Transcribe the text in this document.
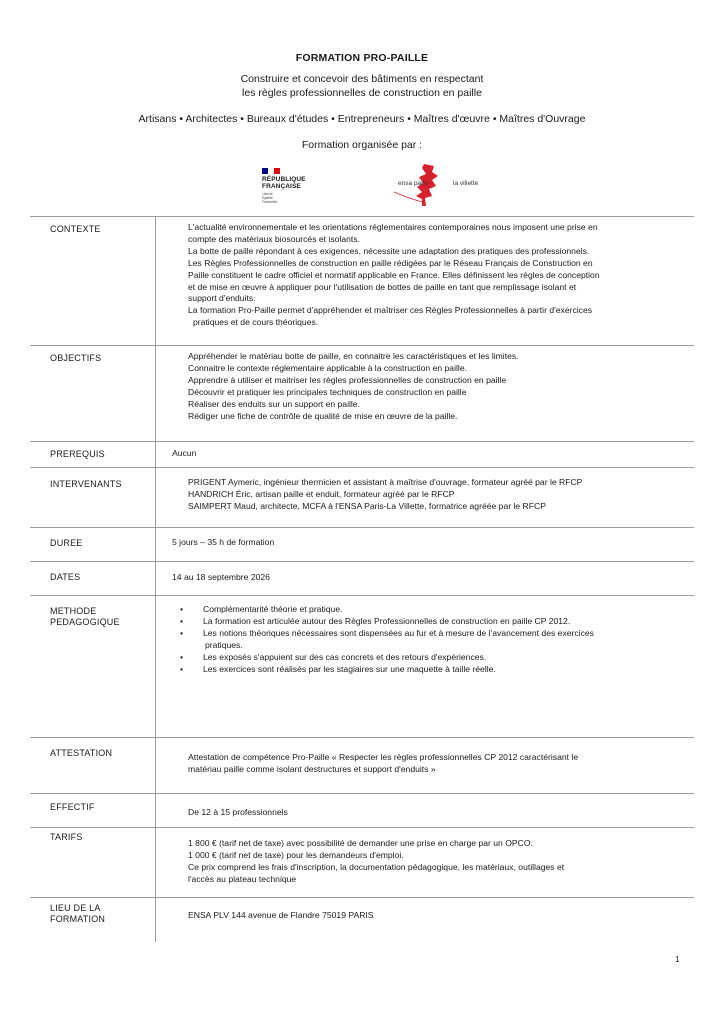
FORMATION PRO-PAILLE
Construire et concevoir des bâtiments en respectant
les règles professionnelles de construction en paille
Artisans • Architectes • Bureaux d'études • Entrepreneurs • Maîtres d'œuvre • Maîtres d'Ouvrage
Formation organisée par :
RÉPUBLIQUE
FRANÇAISE
Liberté
Égalité
Fraternité
ensa paris	la villette
CONTEXTE	L'actualité environnementale et les orientations réglementaires contemporaines nous imposent une prise en

compte des matériaux biosourcés et isolants.

La botte de paille répondant à ces exigences, nécessite une adaptation des pratiques des professionnels.

Les Règles Professionnelles de construction en paille rédigées par le Réseau Français de Construction en

Paille constituent le cadre officiel et normatif applicable en France. Elles définissent les règles de conception

et de mise en œuvre à appliquer pour l'utilisation de bottes de paille en tant que remplissage isolant et

support d'enduits.

La formation Pro-Paille permet d'appréhender et maîtriser ces Règles Professionnelles à partir d'exercices

pratiques et de cours théoriques.

OBJECTIFS	Appréhender le matériau botte de paille, en connaitre les caractéristiques et les limites.

Connaitre le contexte réglementaire applicable à la construction en paille.

Apprendre à utiliser et maitriser les règles professionnelles de construction en paille

Découvrir et pratiquer les principales techniques de construction en paille

Réaliser des enduits sur un support en paille.

Rédiger une fiche de contrôle de qualité de mise en œuvre de la paille.

PREREQUIS	Aucun
INTERVENANTS	PRIGENT Aymeric, ingénieur thermicien et assistant à maîtrise d'ouvrage, formateur agréé par le RFCP

HANDRICH Éric, artisan paille et enduit, formateur agréé par le RFCP

SAIMPERT Maud, architecte, MCFA à l'ENSA Paris-La Villette, formatrice agréée par le RFCP

DUREE	5 jours – 35 h de formation
DATES	14 au 18 septembre 2026
METHODE
PEDAGOGIQUE
• Complémentarité théorie et pratique.
• La formation est articulée autour des Règles Professionnelles de construction en paille CP 2012.
• Les notions théoriques nécessaires sont dispensées au fur et à mesure de l'avancement des exercices
pratiques.
• Les exposés s'appuient sur des cas concrets et des retours d'expériences.
• Les exercices sont réalisés par les stagiaires sur une maquette à taille réelle.
ATTESTATION	Attestation de compétence Pro-Paille « Respecter les règles professionnelles CP 2012 caractérisant le

matériau paille comme isolant destructures et support d'enduits »

EFFECTIF	De 12 à 15 professionnels
TARIFS

1 800 € (tarif net de taxe) avec possibilité de demander une prise en charge par un OPCO.

1 000 € (tarif net de taxe) pour les demandeurs d'emploi.

Ce prix comprend les frais d'inscription, la documentation pédagogique, les matériaux, outillages et

l'accès au plateau technique

LIEU DE LA
FORMATION	ENSA PLV 144 avenue de Flandre 75019 PARIS
1
